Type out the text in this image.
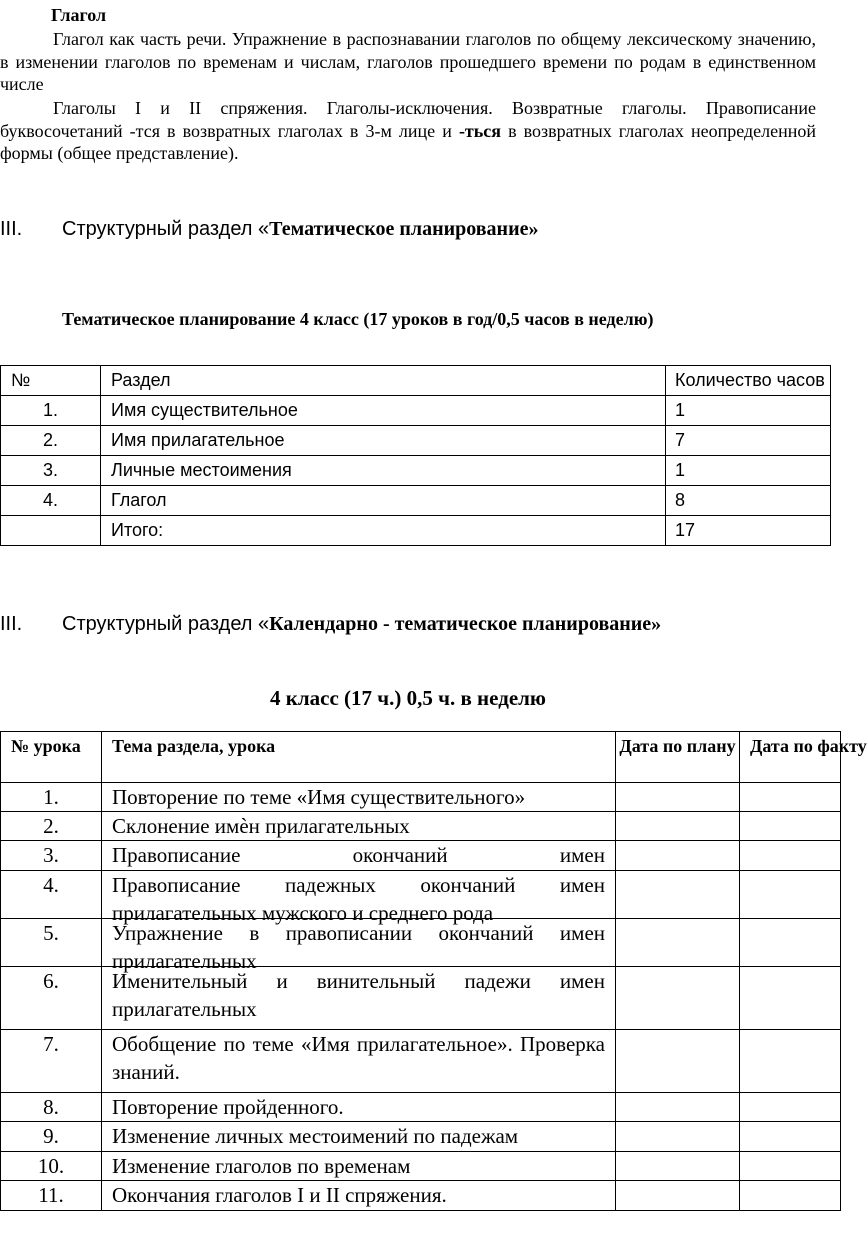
Глагол
Глагол как часть речи. Упражнение в распознавании глаголов по общему лексическому значению, в изменении глаголов по временам и числам, глаголов прошедшего времени по родам в единственном числе
Глаголы I и II спряжения. Глаголы-исключения. Возвратные глаголы. Правописание буквосочетаний -тся в возвратных глаголах в 3-м лице и -ться в возвратных глаголах неопределенной формы (общее представление).
III. Структурный раздел «Тематическое планирование»
Тематическое планирование 4 класс (17 уроков в год/0,5 часов в неделю)
№	Раздел	Количество часов
1.	Имя существительное	1
2.	Имя прилагательное	7
3.	Личные местоимения	1
4.	Глагол	8
	Итого:	17
III. Структурный раздел «Календарно - тематическое планирование»
4 класс (17 ч.) 0,5 ч. в неделю
№ урока	Тема раздела, урока	Дата по плану	Дата по факту
1.	Повторение по теме «Имя существительного»		
2.	Склонение имѐн прилагательных		
3.	Правописание окончаний имен		
4.	Правописание падежных окончаний имен прилагательных мужского и среднего рода		

5.	Упражнение в правописании окончаний имен прилагательных		

6.	Именительный и винительный падежи имен прилагательных		

7.	Обобщение по теме «Имя прилагательное». Проверка знаний.		

8.	Повторение пройденного.		
9.	Изменение личных местоимений по падежам		
10.	Изменение глаголов по временам		
11.	Окончания глаголов I и II спряжения.		
